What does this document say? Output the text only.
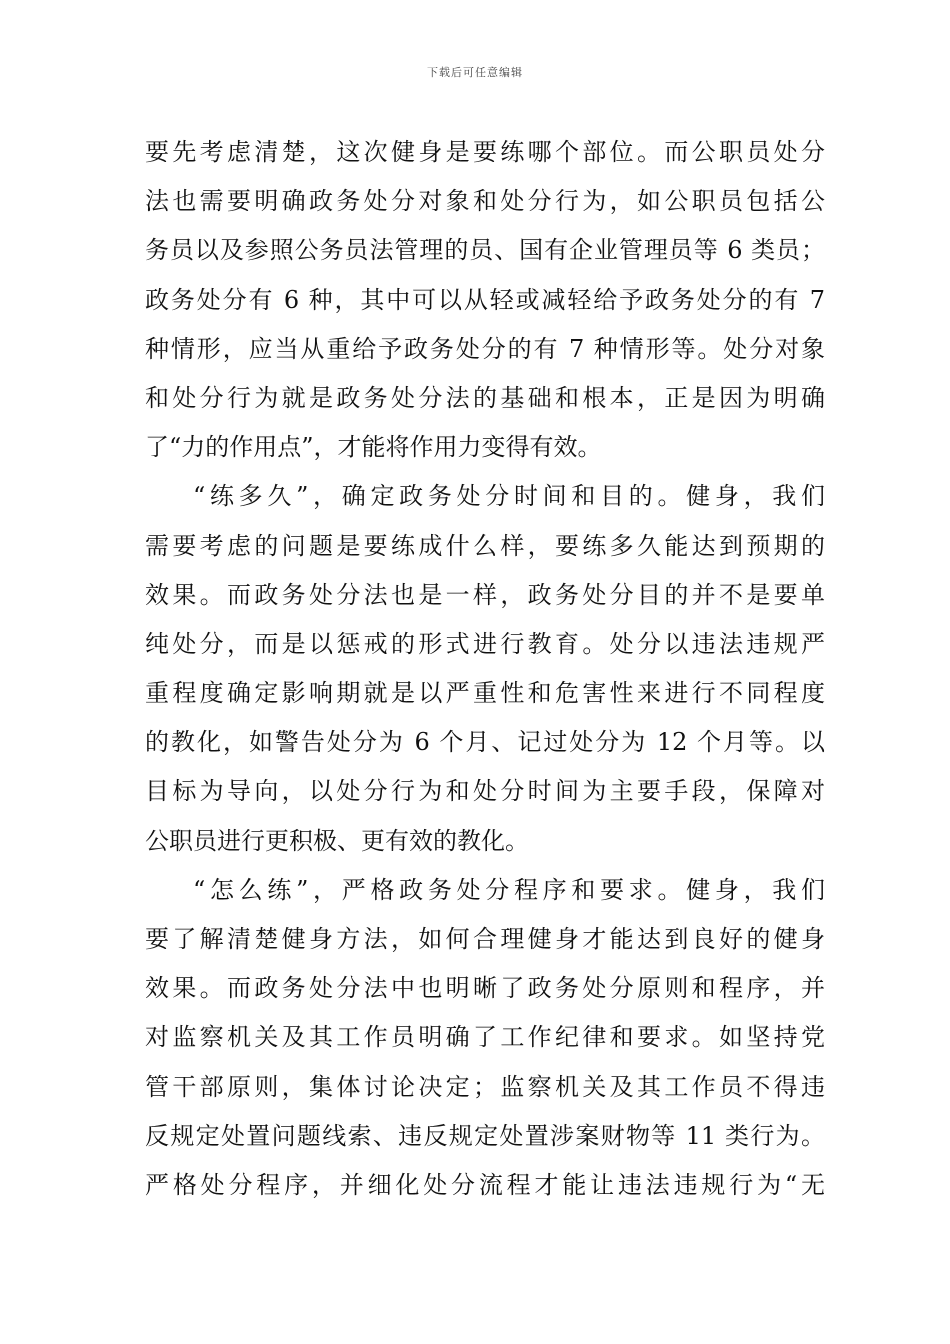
下载后可任意编辑
要先考虑清楚，这次健身是要练哪个部位。而公职员处分
法也需要明确政务处分对象和处分行为，如公职员包括公
务员以及参照公务员法管理的员、国有企业管理员等 6 类员；
政务处分有 6 种，其中可以从轻或减轻给予政务处分的有 7
种情形，应当从重给予政务处分的有 7 种情形等。处分对象
和处分行为就是政务处分法的基础和根本，正是因为明确
了“力的作用点”，才能将作用力变得有效。
“练多久”，确定政务处分时间和目的。健身，我们
需要考虑的问题是要练成什么样，要练多久能达到预期的
效果。而政务处分法也是一样，政务处分目的并不是要单
纯处分，而是以惩戒的形式进行教育。处分以违法违规严
重程度确定影响期就是以严重性和危害性来进行不同程度
的教化，如警告处分为 6 个月、记过处分为 12 个月等。以
目标为导向，以处分行为和处分时间为主要手段，保障对
公职员进行更积极、更有效的教化。
“怎么练”，严格政务处分程序和要求。健身，我们
要了解清楚健身方法，如何合理健身才能达到良好的健身
效果。而政务处分法中也明晰了政务处分原则和程序，并
对监察机关及其工作员明确了工作纪律和要求。如坚持党
管干部原则，集体讨论决定；监察机关及其工作员不得违
反规定处置问题线索、违反规定处置涉案财物等 11 类行为。
严格处分程序，并细化处分流程才能让违法违规行为“无
